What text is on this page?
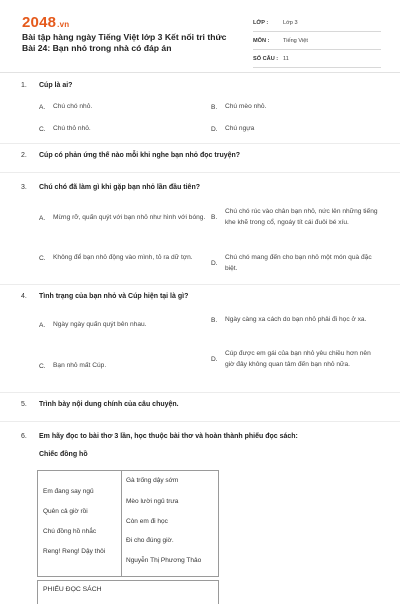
2048.vn
Bài tập hàng ngày Tiếng Việt lớp 3 Kết nối tri thức Bài 24: Bạn nhỏ trong nhà có đáp án
LỚP :	Lớp 3
MÔN :	Tiếng Việt
SỐ CÂU : 11
1. Cúp là ai?
A.	Chú chó nhỏ.	B.	Chú mèo nhỏ.
C.	Chú thỏ nhỏ.	D.	Chú ngựa
2. Cúp có phản ứng thế nào mỗi khi nghe bạn nhỏ đọc truyện?
3. Chú chó đã làm gì khi gặp bạn nhỏ lần đầu tiên?
A.	Mừng rỡ, quấn quýt với bạn nhỏ như hình với bóng. B.
Chú chó rúc vào chân bạn nhỏ, nức lên những tiếng khe khẽ trong cổ, ngoáy tít cái đuôi bé xíu.
C.	Không để bạn nhỏ động vào mình, tỏ ra dữ tợn.
D.
Chú chó mang đến cho bạn nhỏ một món quà đặc biệt.
4. Tình trạng của bạn nhỏ và Cúp hiện tại là gì?
A.	Ngày ngày quấn quýt bên nhau.
B.	Ngày càng xa cách do bạn nhỏ phải đi học ở xa.
C.	Bạn nhỏ mất Cúp.
D.
Cúp được em gái của bạn nhỏ yêu chiều hơn nên giờ đây không quan tâm đến bạn nhỏ nữa.
5. Trình bày nội dung chính của câu chuyện.
6. Em hãy đọc to bài thơ 3 lần, học thuộc bài thơ và hoàn thành phiếu đọc sách:
Chiếc đồng hồ
Em đang say ngủ
Quên cả giờ rồi
Chú đồng hồ nhắc
Reng! Reng! Dậy thôi
Gà trống dậy sớm
Mèo lười ngủ trưa
Còn em đi học
Đi cho đúng giờ.
Nguyễn Thị Phương Thảo
PHIẾU ĐỌC SÁCH
